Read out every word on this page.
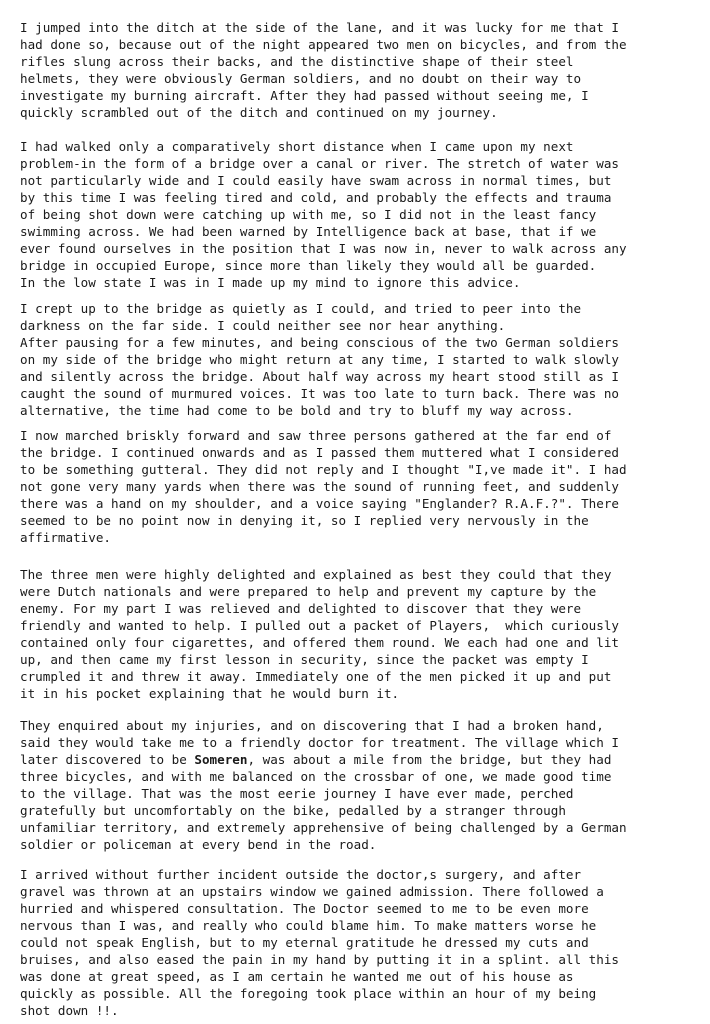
I jumped into the ditch at the side of the lane, and it was lucky for me that I
had done so, because out of the night appeared two men on bicycles, and from the
rifles slung across their backs, and the distinctive shape of their steel
helmets, they were obviously German soldiers, and no doubt on their way to
investigate my burning aircraft. After they had passed without seeing me, I
quickly scrambled out of the ditch and continued on my journey.
I had walked only a comparatively short distance when I came upon my next
problem-in the form of a bridge over a canal or river. The stretch of water was
not particularly wide and I could easily have swam across in normal times, but
by this time I was feeling tired and cold, and probably the effects and trauma
of being shot down were catching up with me, so I did not in the least fancy
swimming across. We had been warned by Intelligence back at base, that if we
ever found ourselves in the position that I was now in, never to walk across any
bridge in occupied Europe, since more than likely they would all be guarded.
In the low state I was in I made up my mind to ignore this advice.
I crept up to the bridge as quietly as I could, and tried to peer into the
darkness on the far side. I could neither see nor hear anything.
After pausing for a few minutes, and being conscious of the two German soldiers
on my side of the bridge who might return at any time, I started to walk slowly
and silently across the bridge. About half way across my heart stood still as I
caught the sound of murmured voices. It was too late to turn back. There was no
alternative, the time had come to be bold and try to bluff my way across.
I now marched briskly forward and saw three persons gathered at the far end of
the bridge. I continued onwards and as I passed them muttered what I considered
to be something gutteral. They did not reply and I thought "I,ve made it". I had
not gone very many yards when there was the sound of running feet, and suddenly
there was a hand on my shoulder, and a voice saying "Englander? R.A.F.?". There
seemed to be no point now in denying it, so I replied very nervously in the
affirmative.
The three men were highly delighted and explained as best they could that they
were Dutch nationals and were prepared to help and prevent my capture by the
enemy. For my part I was relieved and delighted to discover that they were
friendly and wanted to help. I pulled out a packet of Players,  which curiously
contained only four cigarettes, and offered them round. We each had one and lit
up, and then came my first lesson in security, since the packet was empty I
crumpled it and threw it away. Immediately one of the men picked it up and put
it in his pocket explaining that he would burn it.
They enquired about my injuries, and on discovering that I had a broken hand,
said they would take me to a friendly doctor for treatment. The village which I
later discovered to be Someren, was about a mile from the bridge, but they had
three bicycles, and with me balanced on the crossbar of one, we made good time
to the village. That was the most eerie journey I have ever made, perched
gratefully but uncomfortably on the bike, pedalled by a stranger through
unfamiliar territory, and extremely apprehensive of being challenged by a German
soldier or policeman at every bend in the road.
I arrived without further incident outside the doctor,s surgery, and after
gravel was thrown at an upstairs window we gained admission. There followed a
hurried and whispered consultation. The Doctor seemed to me to be even more
nervous than I was, and really who could blame him. To make matters worse he
could not speak English, but to my eternal gratitude he dressed my cuts and
bruises, and also eased the pain in my hand by putting it in a splint. all this
was done at great speed, as I am certain he wanted me out of his house as
quickly as possible. All the foregoing took place within an hour of my being
shot down !!.
